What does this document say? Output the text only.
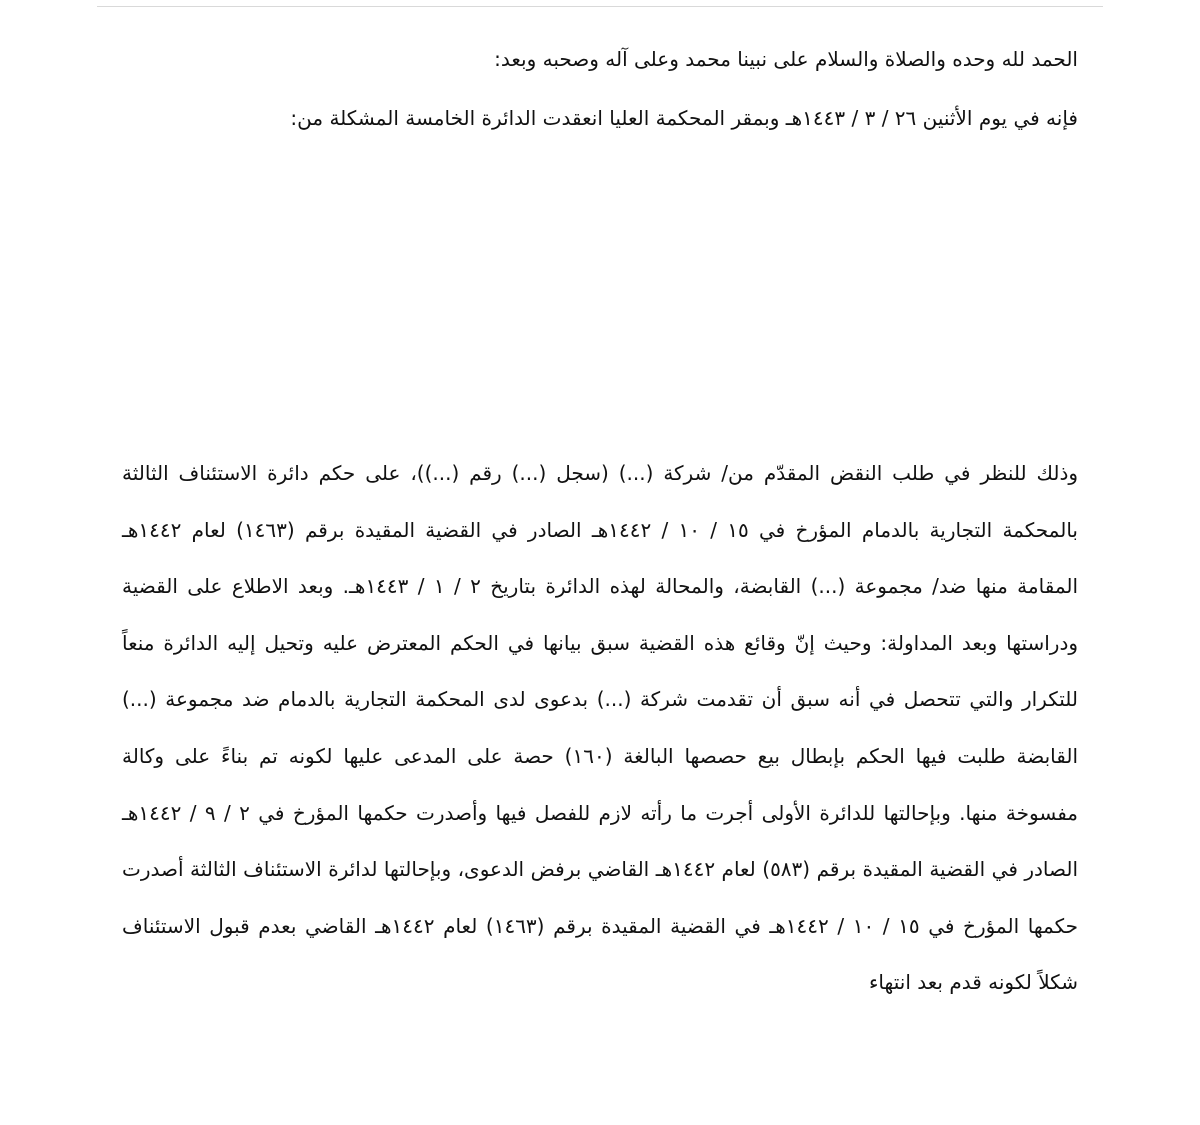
الحمد لله وحده والصلاة والسلام على نبينا محمد وعلى آله وصحبه وبعد:
فإنه في يوم الأثنين ٢٦ / ٣ / ١٤٤٣هـ وبمقر المحكمة العليا انعقدت الدائرة الخامسة المشكلة من:
وذلك للنظر في طلب النقض المقدّم من/ شركة (...) (سجل (...) رقم (...))، على حكم دائرة الاستئناف الثالثة بالمحكمة التجارية بالدمام المؤرخ في ١٥ / ١٠ / ١٤٤٢هـ الصادر في القضية المقيدة برقم (١٤٦٣) لعام ١٤٤٢هـ المقامة منها ضد/ مجموعة (...) القابضة، والمحالة لهذه الدائرة بتاريخ ٢ / ١ / ١٤٤٣هـ. وبعد الاطلاع على القضية ودراستها وبعد المداولة: وحيث إنّ وقائع هذه القضية سبق بيانها في الحكم المعترض عليه وتحيل إليه الدائرة منعاً للتكرار والتي تتحصل في أنه سبق أن تقدمت شركة (...) بدعوى لدى المحكمة التجارية بالدمام ضد مجموعة (...) القابضة طلبت فيها الحكم بإبطال بيع حصصها البالغة (١٦٠) حصة على المدعى عليها لكونه تم بناءً على وكالة مفسوخة منها. وبإحالتها للدائرة الأولى أجرت ما رأته لازم للفصل فيها وأصدرت حكمها المؤرخ في ٢ / ٩ / ١٤٤٢هـ الصادر في القضية المقيدة برقم (٥٨٣) لعام ١٤٤٢هـ القاضي برفض الدعوى، وبإحالتها لدائرة الاستئناف الثالثة أصدرت حكمها المؤرخ في ١٥ / ١٠ / ١٤٤٢هـ في القضية المقيدة برقم (١٤٦٣) لعام ١٤٤٢هـ القاضي بعدم قبول الاستئناف شكلاً لكونه قدم بعد انتهاء
